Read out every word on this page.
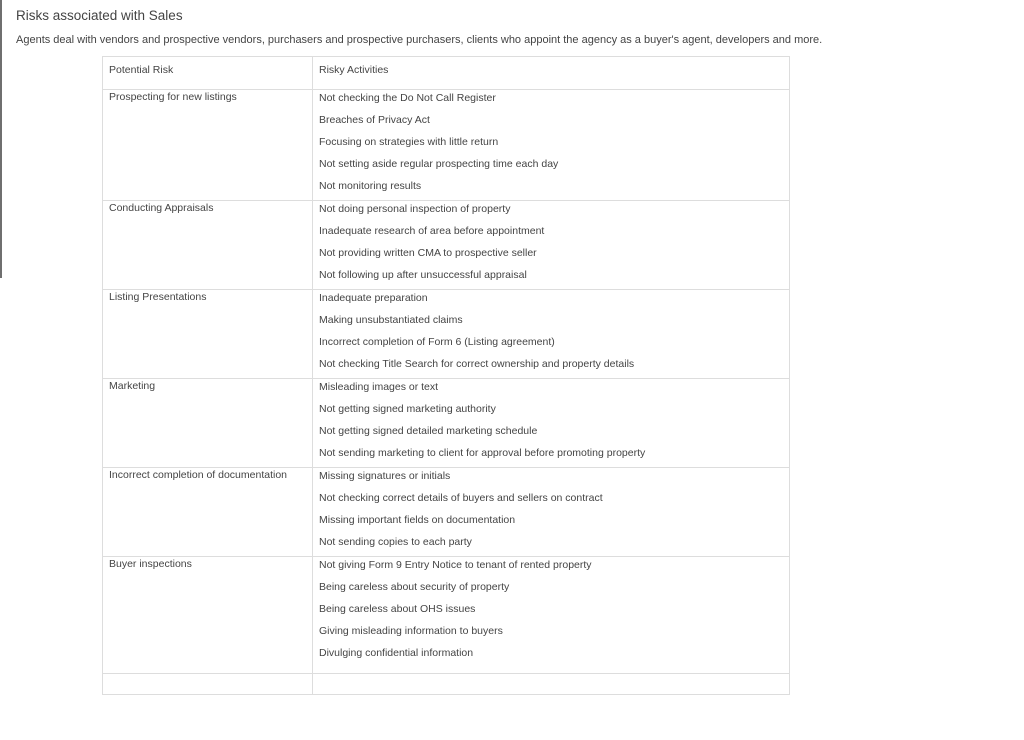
Risks associated with Sales

Agents deal with vendors and prospective vendors, purchasers and prospective purchasers, clients who appoint the agency as a buyer's agent, developers and more.

Potential Risk	Risky Activities
Prospecting for new listings	Not checking the Do Not Call Register
Breaches of Privacy Act
Focusing on strategies with little return
Not setting aside regular prospecting time each day
Not monitoring results

Conducting Appraisals	Not doing personal inspection of property
Inadequate research of area before appointment
Not providing written CMA to prospective seller
Not following up after unsuccessful appraisal

Listing Presentations	Inadequate preparation
Making unsubstantiated claims
Incorrect completion of Form 6 (Listing agreement)
Not checking Title Search for correct ownership and property details

Marketing	Misleading images or text
Not getting signed marketing authority
Not getting signed detailed marketing schedule
Not sending marketing to client for approval before promoting property

Incorrect completion of documentation	Missing signatures or initials
Not checking correct details of buyers and sellers on contract
Missing important fields on documentation
Not sending copies to each party

Buyer inspections	Not giving Form 9 Entry Notice to tenant of rented property
Being careless about security of property
Being careless about OHS issues
Giving misleading information to buyers
Divulging confidential information
